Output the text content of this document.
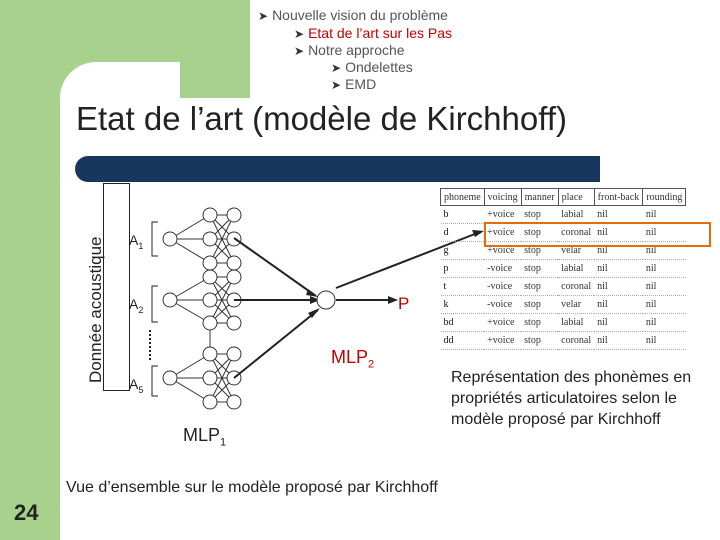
➤ Nouvelle vision du problème
➤ Etat de l’art sur les Pas
➤ Notre approche
➤ Ondelettes
➤ EMD
Etat de l’art (modèle de Kirchhoff)
Donnée acoustique $A_1$
$A_2$
$A_5$
P
$MLP_2$
$MLP_1$
phoneme	voicing	manner	place	front-back	rounding
b	+voice	stop	labial	nil	nil
d	+voice	stop	coronal	nil	nil
g	+voice	stop	velar	nil	nil
p	-voice	stop	labial	nil	nil
t	-voice	stop	coronal	nil	nil
k	-voice	stop	velar	nil	nil
bd	+voice	stop	labial	nil	nil
dd	+voice	stop	coronal	nil	nil
Représentation des phonèmes en propriétés articulatoires selon le modèle proposé par Kirchhoff
Vue d’ensemble sur le modèle proposé par Kirchhoff
24
